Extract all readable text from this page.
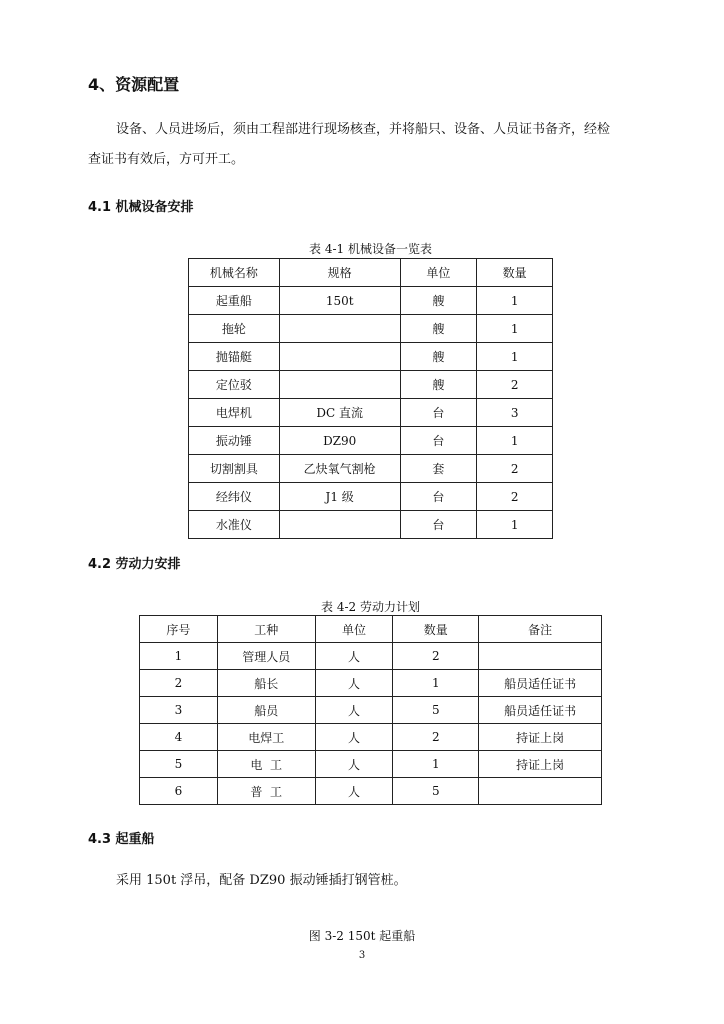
4、资源配置
设备、人员进场后，须由工程部进行现场核查，并将船只、设备、人员证书备齐，经检
查证书有效后，方可开工。
4.1 机械设备安排
表 4-1 机械设备一览表
机械名称	规格	单位	数量
起重船	150t	艘	1
拖轮		艘	1
抛锚艇		艘	1
定位驳		艘	2
电焊机	DC 直流	台	3
振动锤	DZ90	台	1
切割割具	乙炔氧气割枪	套	2
经纬仪	J1 级	台	2
水准仪		台	1
4.2 劳动力安排
表 4-2 劳动力计划
序号	工种	单位	数量	备注
1	管理人员	人	2	
2	船长	人	1	船员适任证书
3	船员	人	5	船员适任证书
4	电焊工	人	2	持证上岗
5	电  工	人	1	持证上岗
6	普  工	人	5	
4.3 起重船
采用 150t 浮吊，配备 DZ90 振动锤插打钢管桩。
图 3-2 150t 起重船
3
